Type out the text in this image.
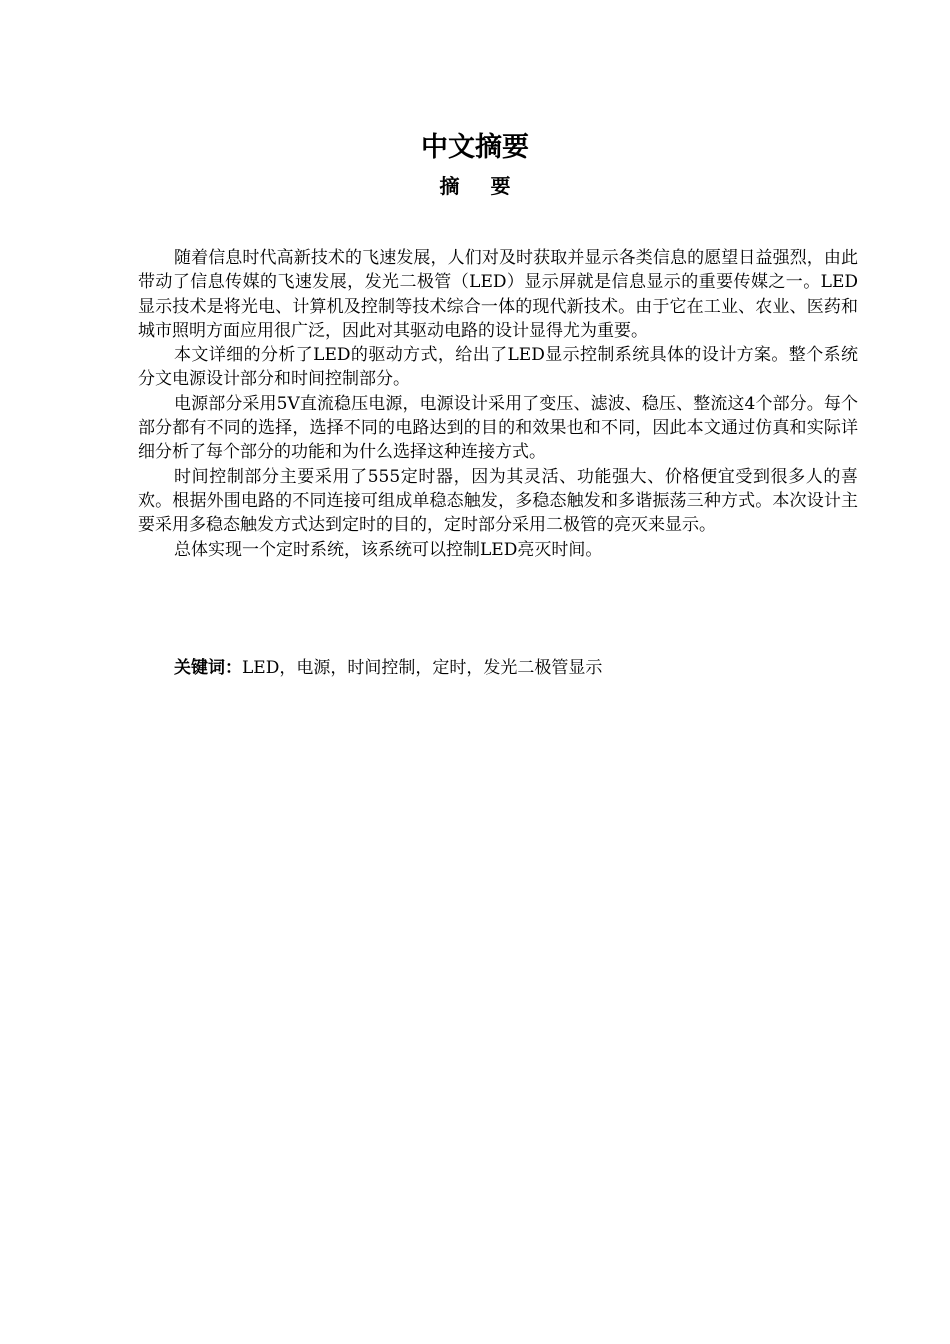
中文摘要
摘 要

随着信息时代高新技术的飞速发展，人们对及时获取并显示各类信息的愿望日益强烈，由此带动了信息传媒的飞速发展，发光二极管（LED）显示屏就是信息显示的重要传媒之一。LED显示技术是将光电、计算机及控制等技术综合一体的现代新技术。由于它在工业、农业、医药和城市照明方面应用很广泛，因此对其驱动电路的设计显得尤为重要。

本文详细的分析了LED的驱动方式，给出了LED显示控制系统具体的设计方案。整个系统分文电源设计部分和时间控制部分。

电源部分采用5V直流稳压电源，电源设计采用了变压、滤波、稳压、整流这4个部分。每个部分都有不同的选择，选择不同的电路达到的目的和效果也和不同，因此本文通过仿真和实际详细分析了每个部分的功能和为什么选择这种连接方式。

时间控制部分主要采用了555定时器，因为其灵活、功能强大、价格便宜受到很多人的喜欢。根据外围电路的不同连接可组成单稳态触发，多稳态触发和多谐振荡三种方式。本次设计主要采用多稳态触发方式达到定时的目的，定时部分采用二极管的亮灭来显示。

总体实现一个定时系统，该系统可以控制LED亮灭时间。

关键词：LED，电源，时间控制，定时，发光二极管显示
